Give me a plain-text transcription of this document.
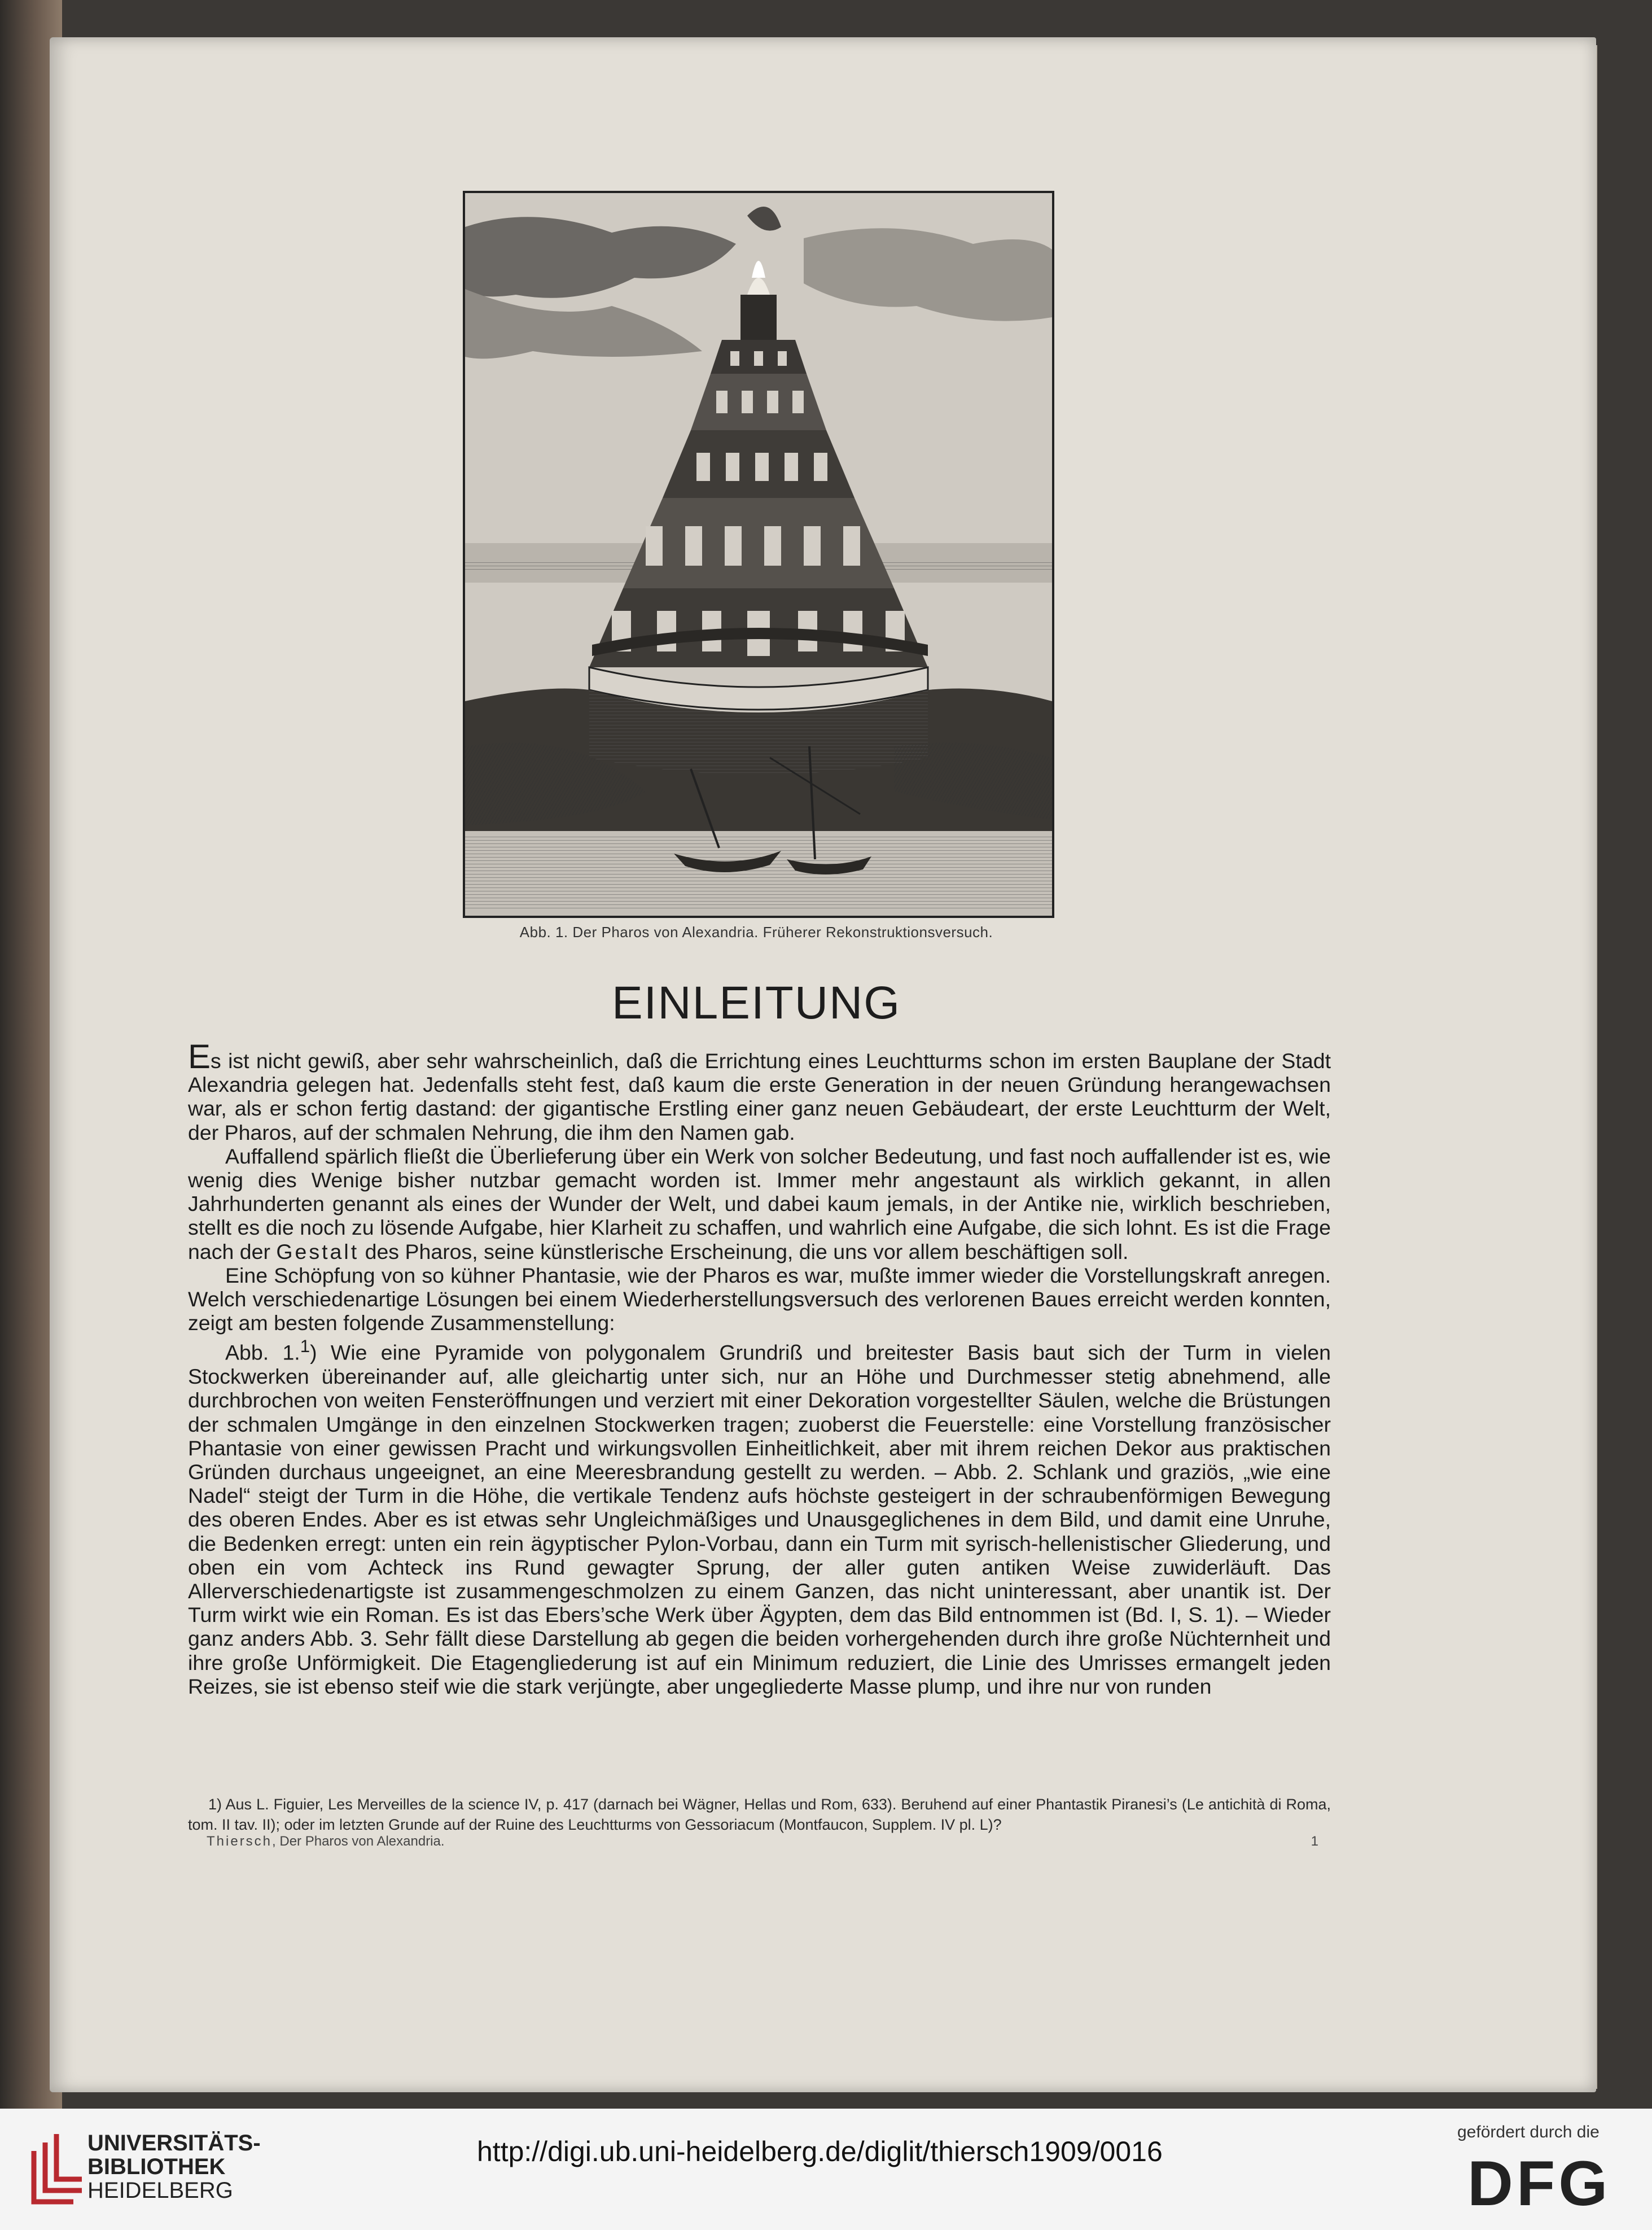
Abb. 1. Der Pharos von Alexandria. Früherer Rekonstruktionsversuch.
EINLEITUNG

Es ist nicht gewiß, aber sehr wahrscheinlich, daß die Errichtung eines Leuchtturms schon im ersten Bauplane der Stadt Alexandria gelegen hat. Jedenfalls steht fest, daß kaum die erste Generation in der neuen Gründung herangewachsen war, als er schon fertig dastand: der gigantische Erstling einer ganz neuen Gebäudeart, der erste Leuchtturm der Welt, der Pharos, auf der schmalen Nehrung, die ihm den Namen gab.

Auffallend spärlich fließt die Überlieferung über ein Werk von solcher Bedeutung, und fast noch auffallender ist es, wie wenig dies Wenige bisher nutzbar gemacht worden ist. Immer mehr angestaunt als wirklich gekannt, in allen Jahrhunderten genannt als eines der Wunder der Welt, und dabei kaum jemals, in der Antike nie, wirklich beschrieben, stellt es die noch zu lösende Aufgabe, hier Klarheit zu schaffen, und wahrlich eine Aufgabe, die sich lohnt. Es ist die Frage nach der Gestalt des Pharos, seine künstlerische Erscheinung, die uns vor allem beschäftigen soll.

Eine Schöpfung von so kühner Phantasie, wie der Pharos es war, mußte immer wieder die Vorstellungskraft anregen. Welch verschiedenartige Lösungen bei einem Wiederherstellungsversuch des verlorenen Baues erreicht werden konnten, zeigt am besten folgende Zusammenstellung:

Abb. 1.$^1$) Wie eine Pyramide von polygonalem Grundriß und breitester Basis baut sich der Turm in vielen Stockwerken übereinander auf, alle gleichartig unter sich, nur an Höhe und Durchmesser stetig abnehmend, alle durchbrochen von weiten Fensteröffnungen und verziert mit einer Dekoration vorgestellter Säulen, welche die Brüstungen der schmalen Umgänge in den einzelnen Stockwerken tragen; zuoberst die Feuerstelle: eine Vorstellung französischer Phantasie von einer gewissen Pracht und wirkungsvollen Einheitlichkeit, aber mit ihrem reichen Dekor aus praktischen Gründen durchaus ungeeignet, an eine Meeresbrandung gestellt zu werden. – Abb. 2. Schlank und graziös, „wie eine Nadel“ steigt der Turm in die Höhe, die vertikale Tendenz aufs höchste gesteigert in der schraubenförmigen Bewegung des oberen Endes. Aber es ist etwas sehr Ungleichmäßiges und Unausgeglichenes in dem Bild, und damit eine Unruhe, die Bedenken erregt: unten ein rein ägyptischer Pylon-Vorbau, dann ein Turm mit syrisch-hellenistischer Gliederung, und oben ein vom Achteck ins Rund gewagter Sprung, der aller guten antiken Weise zuwiderläuft. Das Allerverschiedenartigste ist zusammengeschmolzen zu einem Ganzen, das nicht uninteressant, aber unantik ist. Der Turm wirkt wie ein Roman. Es ist das Ebers’sche Werk über Ägypten, dem das Bild entnommen ist (Bd. I, S. 1). – Wieder ganz anders Abb. 3. Sehr fällt diese Darstellung ab gegen die beiden vorhergehenden durch ihre große Nüchternheit und ihre große Unförmigkeit. Die Etagengliederung ist auf ein Minimum reduziert, die Linie des Umrisses ermangelt jeden Reizes, sie ist ebenso steif wie die stark verjüngte, aber ungegliederte Masse plump, und ihre nur von runden

1) Aus L. Figuier, Les Merveilles de la science IV, p. 417 (darnach bei Wägner, Hellas und Rom, 633). Beruhend auf einer Phantastik Piranesi’s (Le antichità di Roma, tom. II tav. II); oder im letzten Grunde auf der Ruine des Leuchtturms von Gessoriacum (Montfaucon, Supplem. IV pl. L)?

Thiersch, Der Pharos von Alexandria.	1
UNIVERSITÄTS-
BIBLIOTHEK
HEIDELBERG
http://digi.ub.uni-heidelberg.de/diglit/thiersch1909/0016
gefördert durch die
DFG
